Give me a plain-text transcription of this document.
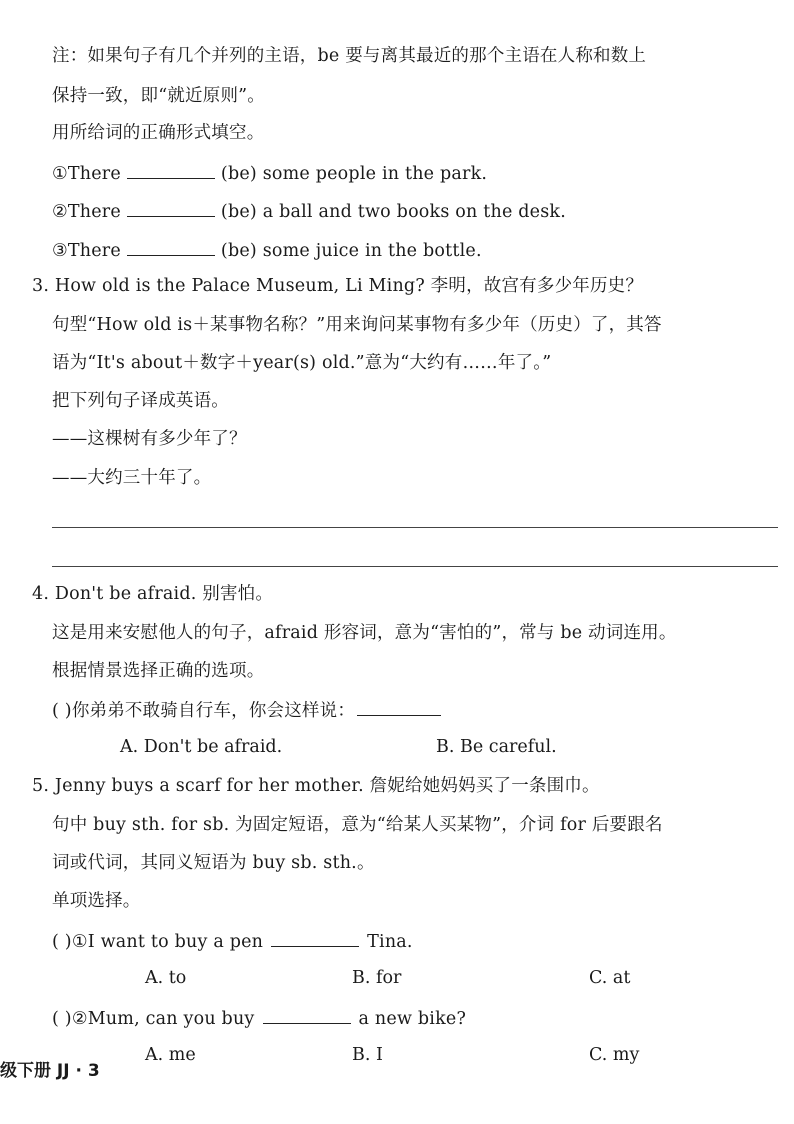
注：如果句子有几个并列的主语，be 要与离其最近的那个主语在人称和数上
保持一致，即“就近原则”。
用所给词的正确形式填空。
①There	(be) some people in the park.
②There	(be) a ball and two books on the desk.
③There	(be) some juice in the bottle.
3. How old is the Palace Museum, Li Ming? 李明，故宫有多少年历史？
句型“How old is＋某事物名称？”用来询问某事物有多少年（历史）了，其答
语为“It's about＋数字＋year(s) old.”意为“大约有……年了。”
把下列句子译成英语。
——这棵树有多少年了？
——大约三十年了。
4. Don't be afraid. 别害怕。
这是用来安慰他人的句子，afraid 形容词，意为“害怕的”，常与 be 动词连用。
根据情景选择正确的选项。
( )你弟弟不敢骑自行车，你会这样说：
A. Don't be afraid.	B. Be careful.
5. Jenny buys a scarf for her mother. 詹妮给她妈妈买了一条围巾。
句中 buy sth. for sb. 为固定短语，意为“给某人买某物”，介词 for 后要跟名
词或代词，其同义短语为 buy sb. sth.。
单项选择。
( )①I want to buy a pen	Tina.
A. to	B. for	C. at
( )②Mum, can you buy	a new bike?
A. me	B. I	C. my
级下册 JJ · 3
